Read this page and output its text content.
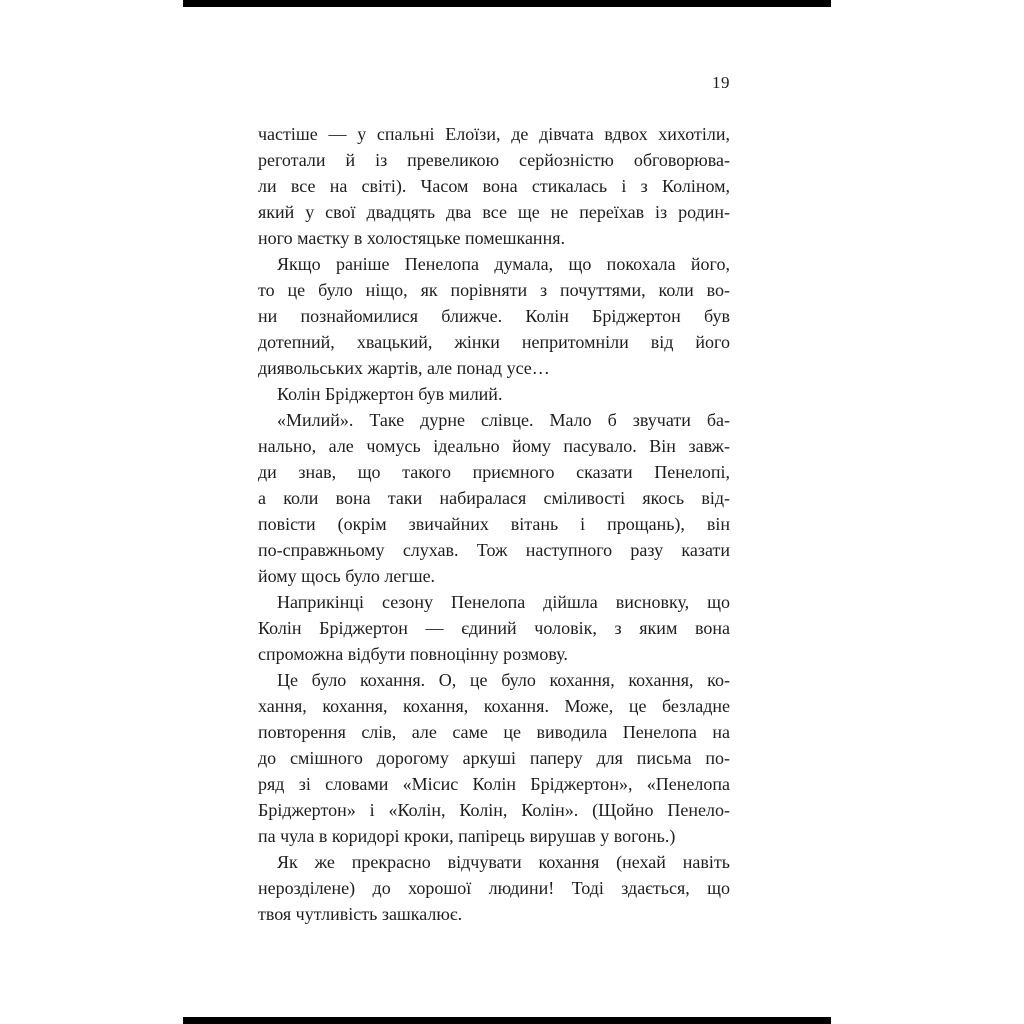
19
частіше — у спальні Елоїзи, де дівчата вдвох хихотіли,
реготали й із превеликою серйозністю обговорюва-
ли все на світі). Часом вона стикалась і з Коліном,
який у свої двадцять два все ще не переїхав із родин-
ного маєтку в холостяцьке помешкання.
Якщо раніше Пенелопа думала, що покохала його,
то це було ніщо, як порівняти з почуттями, коли во-
ни познайомилися ближче. Колін Бріджертон був
дотепний, хвацький, жінки непритомніли від його
диявольських жартів, але понад усе…
Колін Бріджертон був милий.
«Милий». Таке дурне слівце. Мало б звучати ба-
нально, але чомусь ідеально йому пасувало. Він завж-
ди знав, що такого приємного сказати Пенелопі,
а коли вона таки набиралася сміливості якось від-
повісти (окрім звичайних вітань і прощань), він
по-справжньому слухав. Тож наступного разу казати
йому щось було легше.
Наприкінці сезону Пенелопа дійшла висновку, що
Колін Бріджертон — єдиний чоловік, з яким вона
спроможна відбути повноцінну розмову.
Це було кохання. О, це було кохання, кохання, ко-
хання, кохання, кохання, кохання. Може, це безладне
повторення слів, але саме це виводила Пенелопа на
до смішного дорогому аркуші паперу для письма по-
ряд зі словами «Місис Колін Бріджертон», «Пенелопа
Бріджертон» і «Колін, Колін, Колін». (Щойно Пенело-
па чула в коридорі кроки, папірець вирушав у вогонь.)
Як же прекрасно відчувати кохання (нехай навіть
нерозділене) до хорошої людини! Тоді здається, що
твоя чутливість зашкалює.
